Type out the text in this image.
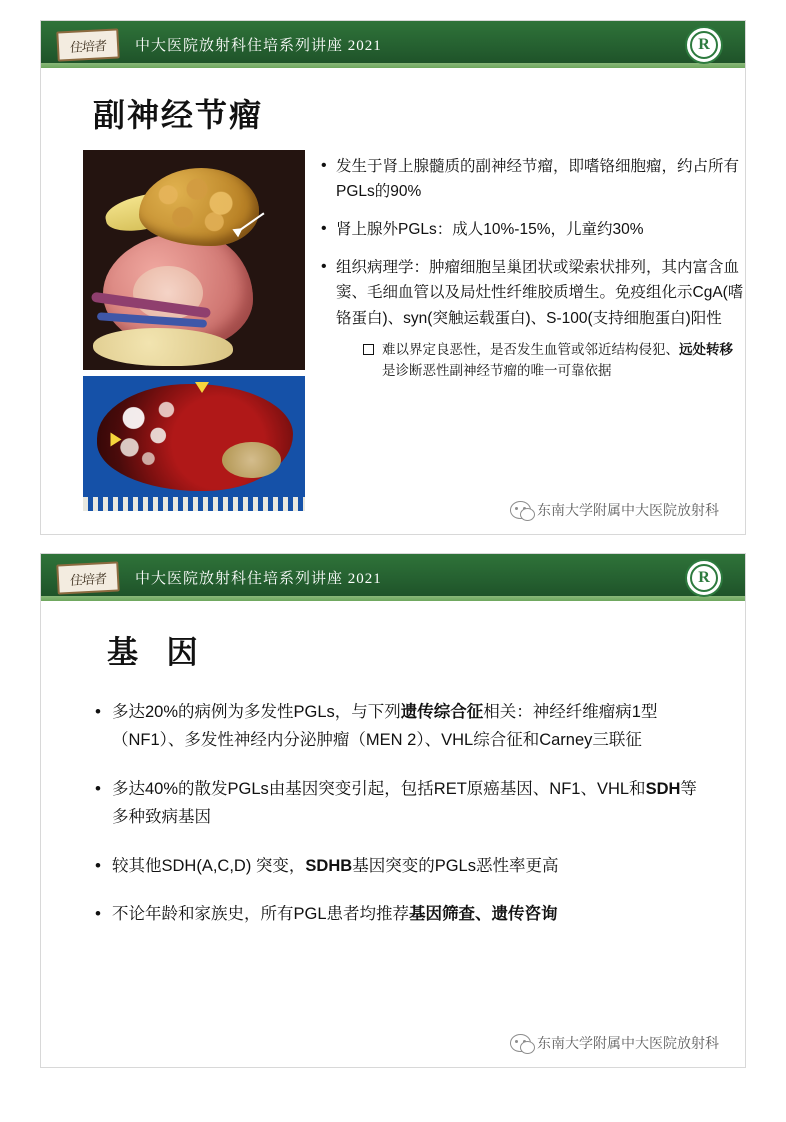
住培者 中大医院放射科住培系列讲座 2021	R
副神经节瘤
• 发生于肾上腺髓质的副神经节瘤，即嗜铬细胞瘤，约占所有PGLs的90%
• 肾上腺外PGLs：成人10%-15%，儿童约30%
• 组织病理学：肿瘤细胞呈巢团状或梁索状排列，其内富含血窦、毛细血管以及局灶性纤维胶质增生。免疫组化示CgA(嗜铬蛋白)、syn(突触运载蛋白)、S-100(支持细胞蛋白)阳性
难以界定良恶性，是否发生血管或邻近结构侵犯、远处转移是诊断恶性副神经节瘤的唯一可靠依据
东南大学附属中大医院放射科
住培者 中大医院放射科住培系列讲座 2021	R
基 因
• 多达20%的病例为多发性PGLs，与下列遗传综合征相关：神经纤维瘤病1型（NF1）、多发性神经内分泌肿瘤（MEN 2）、VHL综合征和Carney三联征
• 多达40%的散发PGLs由基因突变引起，包括RET原癌基因、NF1、VHL和SDH等多种致病基因
• 较其他SDH(A,C,D) 突变，SDHB基因突变的PGLs恶性率更高
• 不论年龄和家族史，所有PGL患者均推荐基因筛查、遗传咨询
东南大学附属中大医院放射科
